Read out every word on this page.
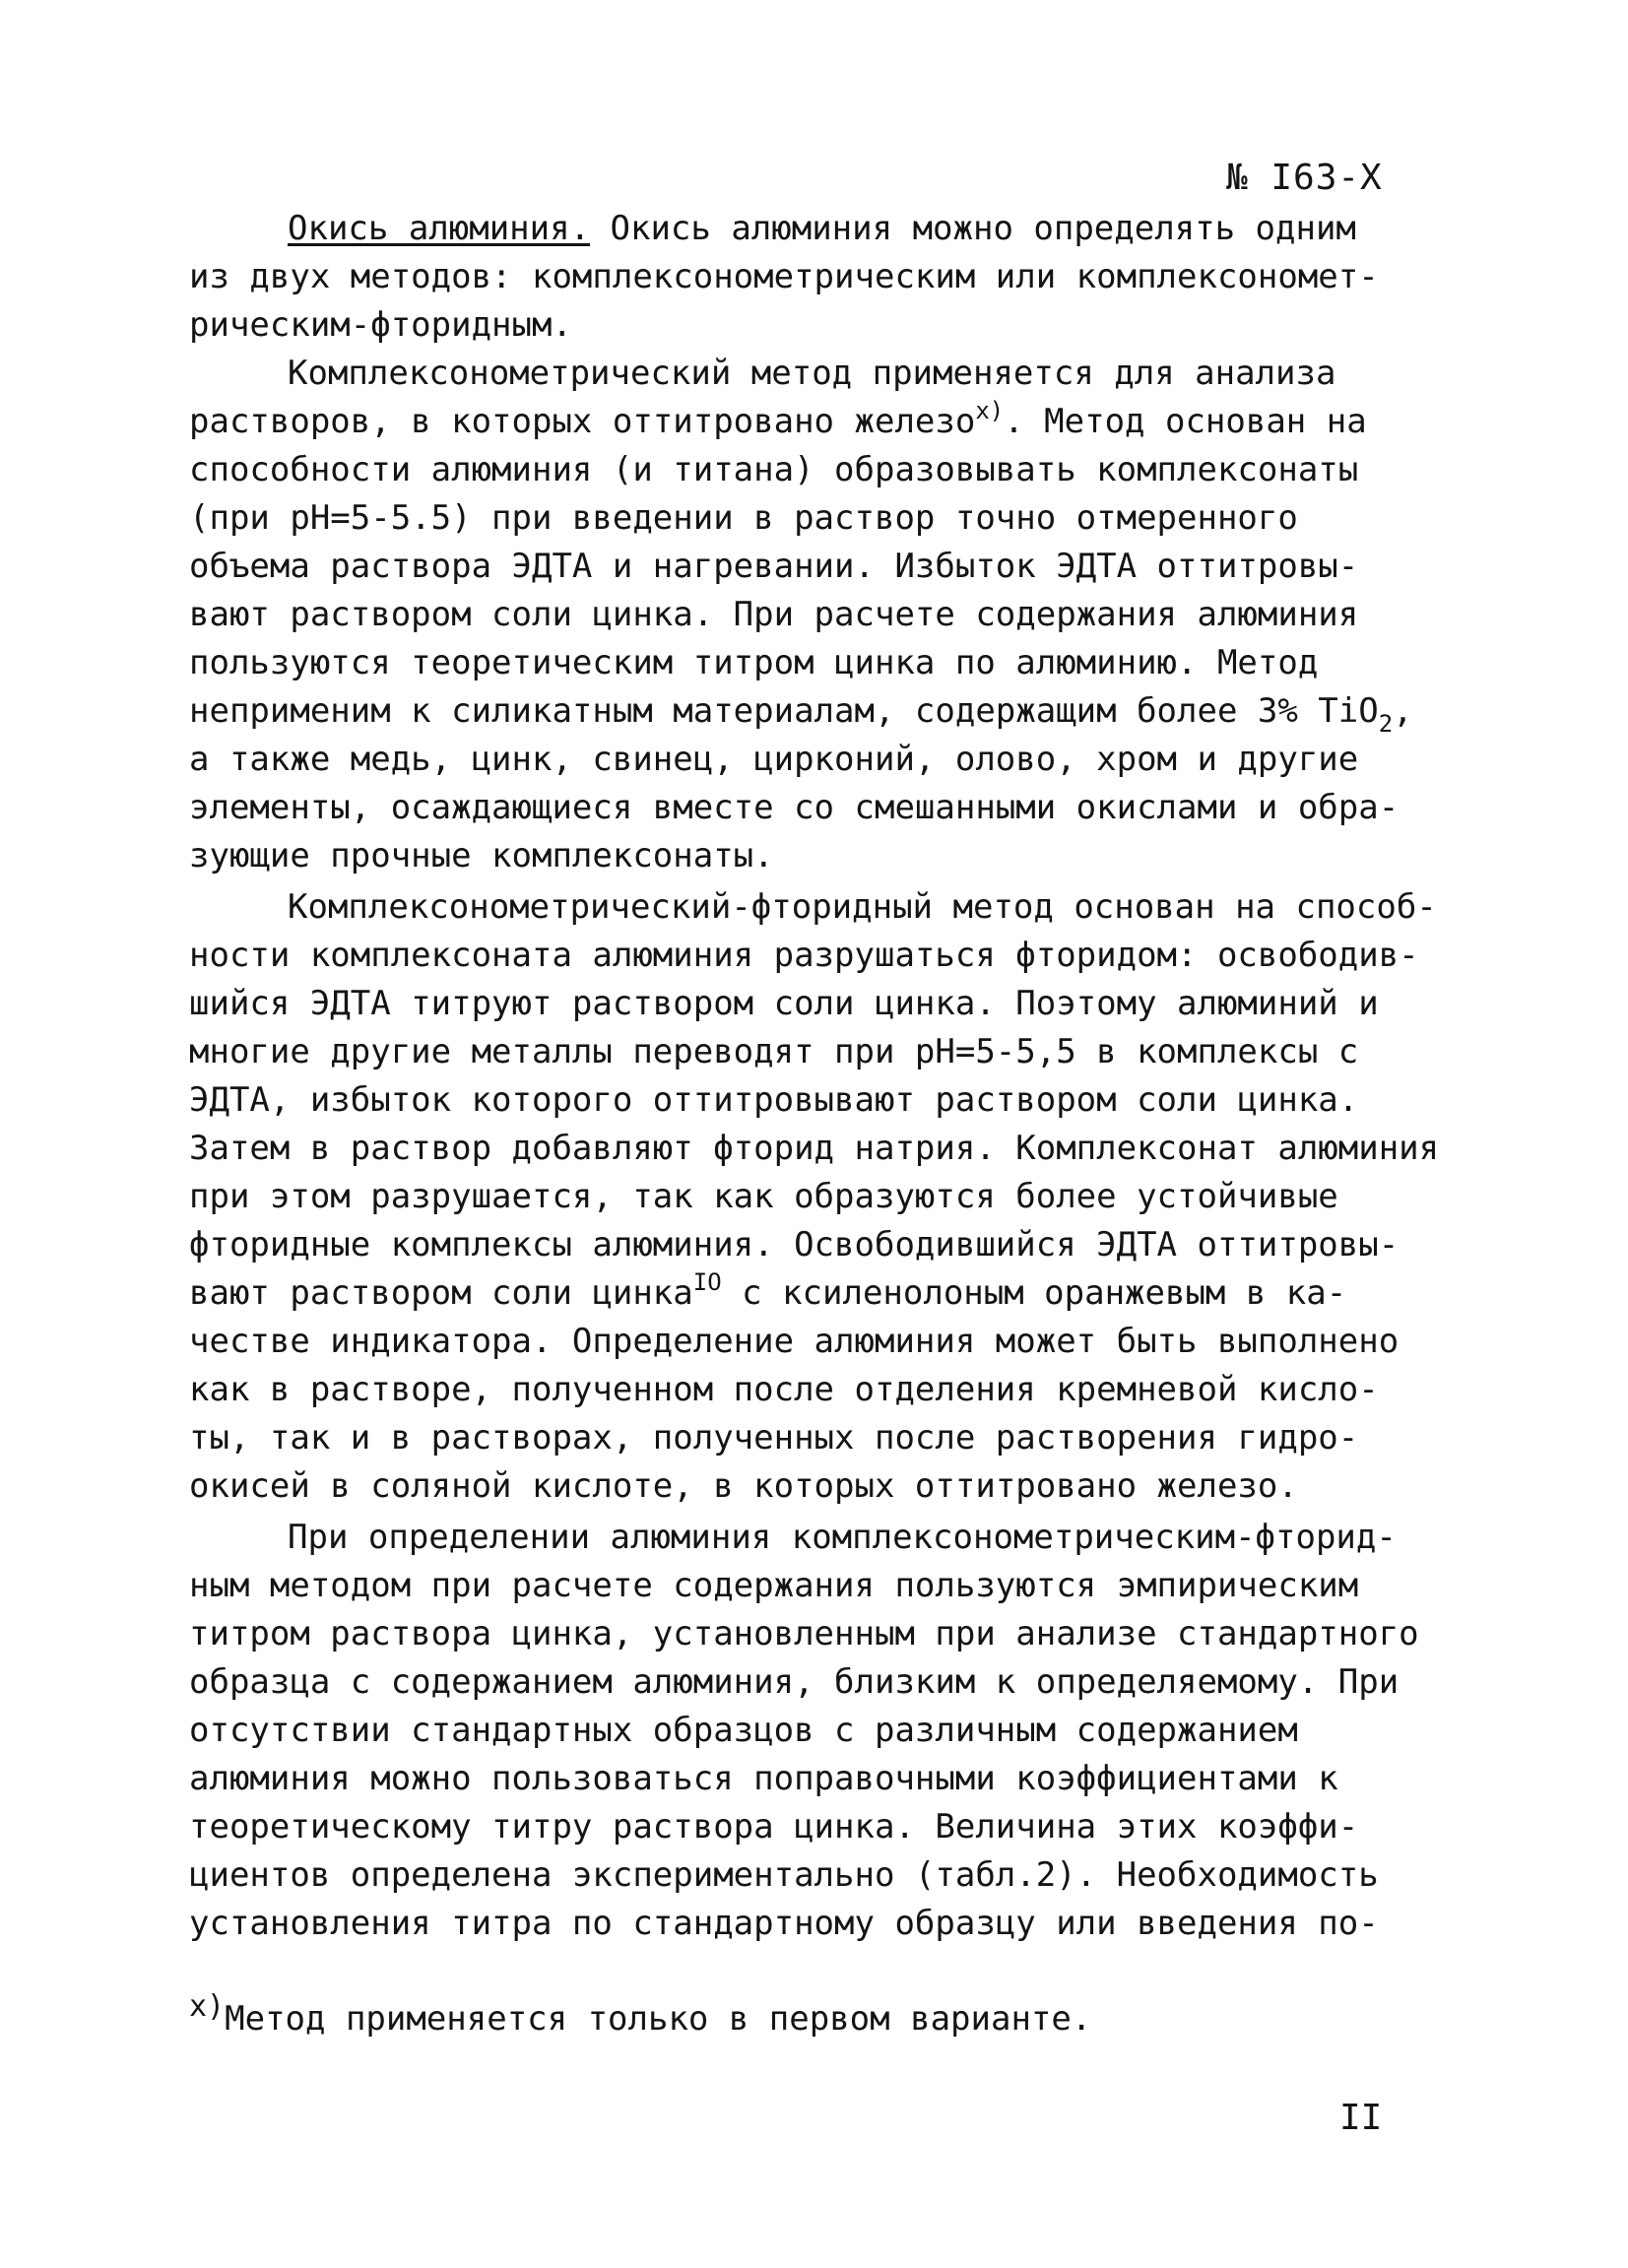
№ I63-X
Окись алюминия. Окись алюминия можно определять одним
из двух методов: комплексонометрическим или комплексономет-
рическим-фторидным.
Комплексонометрический метод применяется для анализа
растворов, в которых оттитровано железо$^{x)}$. Метод основан на
способности алюминия (и титана) образовывать комплексонаты
(при pH=5-5.5) при введении в раствор точно отмеренного
объема раствора ЭДТА и нагревании. Избыток ЭДТА оттитровы-
вают раствором соли цинка. При расчете содержания алюминия
пользуются теоретическим титром цинка по алюминию. Метод
неприменим к силикатным материалам, содержащим более 3% TiO$_2$,
а также медь, цинк, свинец, цирконий, олово, хром и другие
элементы, осаждающиеся вместе со смешанными окислами и обра-
зующие прочные комплексонаты.
Комплексонометрический-фторидный метод основан на способ-
ности комплексоната алюминия разрушаться фторидом: освободив-
шийся ЭДТА титруют раствором соли цинка. Поэтому алюминий и
многие другие металлы переводят при pH=5-5,5 в комплексы с
ЭДТА, избыток которого оттитровывают раствором соли цинка.
Затем в раствор добавляют фторид натрия. Комплексонат алюминия
при этом разрушается, так как образуются более устойчивые
фторидные комплексы алюминия. Освободившийся ЭДТА оттитровы-
вают раствором соли цинка$^{IO}$ с ксиленолоным оранжевым в ка-
честве индикатора. Определение алюминия может быть выполнено
как в растворе, полученном после отделения кремневой кисло-
ты, так и в растворах, полученных после растворения гидро-
окисей в соляной кислоте, в которых оттитровано железо.
При определении алюминия комплексонометрическим-фторид-
ным методом при расчете содержания пользуются эмпирическим
титром раствора цинка, установленным при анализе стандартного
образца с содержанием алюминия, близким к определяемому. При
отсутствии стандартных образцов с различным содержанием
алюминия можно пользоваться поправочными коэффициентами к
теоретическому титру раствора цинка. Величина этих коэффи-
циентов определена экспериментально (табл.2). Необходимость
установления титра по стандартному образцу или введения по-
$^{x)}$Метод применяется только в первом варианте.
II
